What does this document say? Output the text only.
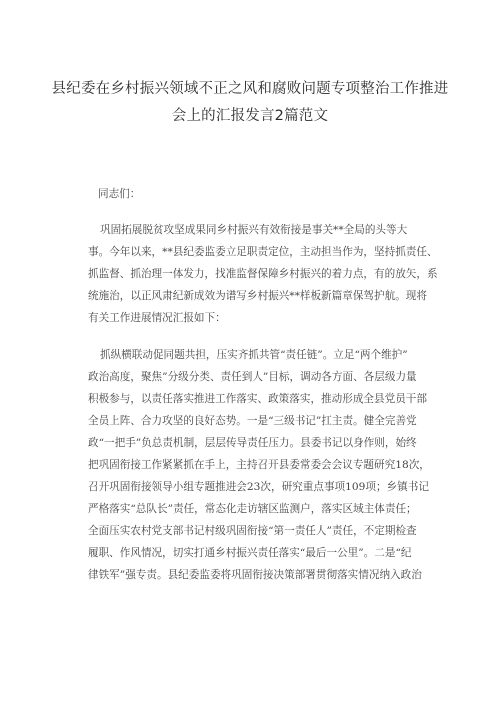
县纪委在乡村振兴领域不正之风和腐败问题专项整治工作推进
会上的汇报发言2篇范文
同志们：
巩固拓展脱贫攻坚成果同乡村振兴有效衔接是事关**全局的头等大
事。今年以来，**县纪委监委立足职责定位，主动担当作为，坚持抓责任、
抓监督、抓治理一体发力，找准监督保障乡村振兴的着力点，有的放矢，系
统施治，以正风肃纪新成效为谱写乡村振兴**样板新篇章保驾护航。现将
有关工作进展情况汇报如下：
抓纵横联动促同题共担，压实齐抓共管“责任链”。立足“两个维护”
政治高度，聚焦”分级分类、责任到人”目标，调动各方面、各层级力量
积极参与，以责任落实推进工作落实、政策落实，推动形成全县党员干部
全员上阵、合力攻坚的良好态势。一是“三级书记”扛主责。健全完善党
政“一把手”负总责机制，层层传导责任压力。县委书记以身作则，始终
把巩固衔接工作紧紧抓在手上，主持召开县委常委会会议专题研究18次，
召开巩固衔接领导小组专题推进会23次，研究重点事项109项；乡镇书记
严格落实“总队长”责任，常态化走访辖区监测户，落实区域主体责任；
全面压实农村党支部书记村级巩固衔接“第一责任人”责任，不定期检查
履职、作风情况，切实打通乡村振兴责任落实“最后一公里”。二是“纪
律铁军”强专责。县纪委监委将巩固衔接决策部署贯彻落实情况纳入政治
